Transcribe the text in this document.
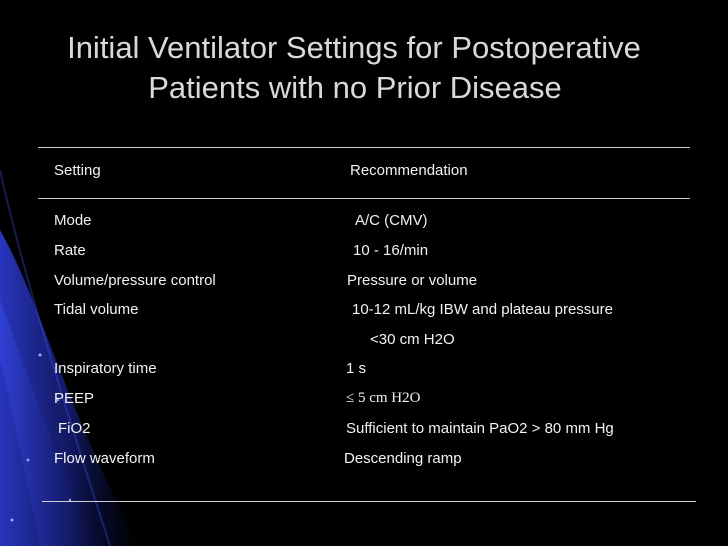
Initial Ventilator Settings for Postoperative
Patients with no Prior Disease
Setting	Recommendation
Mode	A/C (CMV)
Rate	10 - 16/min
Volume/pressure control	Pressure or volume
Tidal volume	10-12 mL/kg IBW and plateau pressure
<30 cm H2O
Inspiratory time	1 s
PEEP	≤ 5 cm H2O
FiO2	Sufficient to maintain PaO2 > 80 mm Hg
Flow waveform	Descending ramp
